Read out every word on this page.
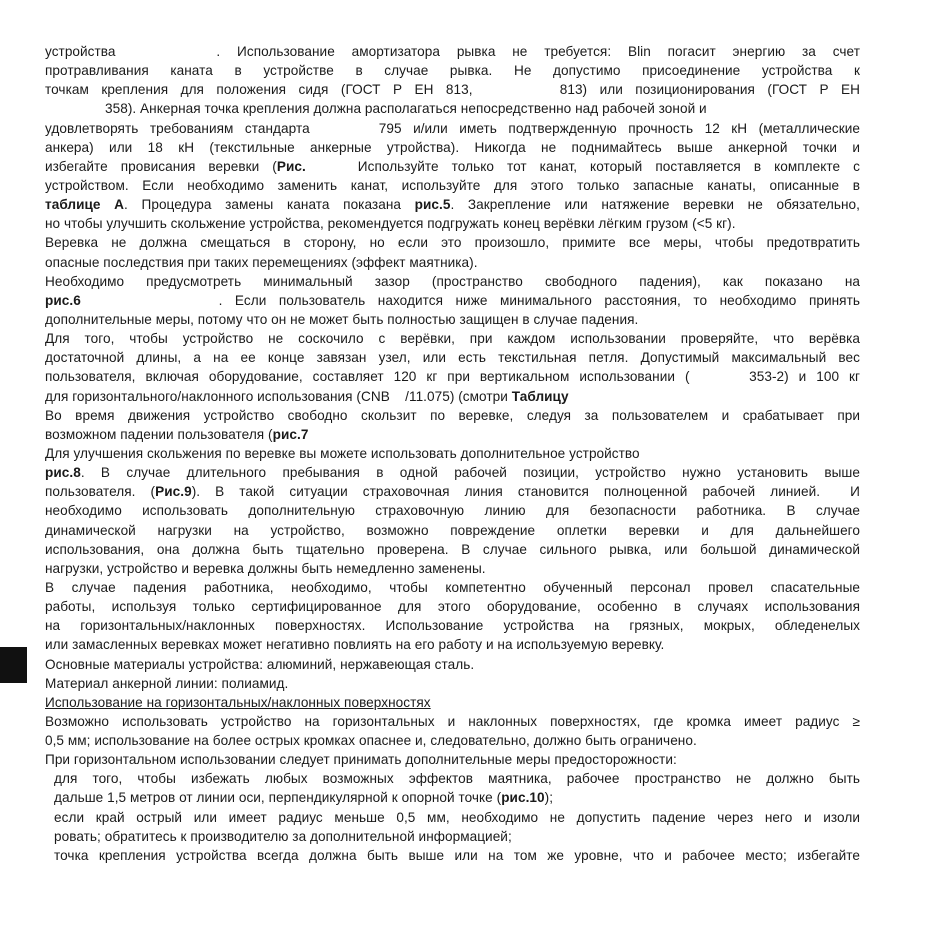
устройства      . Использование амортизатора рывка не требуется: Blin погасит энергию за счет
протравливания каната в устройстве в случае рывка. Не допустимо присоединение устройства к
точкам крепления для положения сидя (ГОСТ Р ЕН 813,       813) или позиционирования (ГОСТ Р ЕН
358). Анкерная точка крепления должна располагаться непосредственно над рабочей зоной и
удовлетворять требованиям стандарта      795 и/или иметь подтвержденную прочность 12 кН (металлические
анкера) или 18 кН (текстильные анкерные утройства). Никогда не поднимайтесь выше анкерной точки и
избегайте провисания веревки (Рис.    Используйте только тот канат, который поставляется в комплекте с
устройством. Если необходимо заменить канат, используйте для этого только запасные канаты, описанные в
таблице А. Процедура замены каната показана рис.5. Закрепление или натяжение веревки не обязательно,
но чтобы улучшить скольжение устройства, рекомендуется подгружать конец верёвки лёгким грузом (<5 кг).
Веревка не должна смещаться в сторону, но если это произошло, примите все меры, чтобы предотвратить
опасные последствия при таких перемещениях (эффект маятника).
Необходимо предусмотреть минимальный зазор (пространство свободного падения), как показано на
рис.6           . Если пользователь находится ниже минимального расстояния, то необходимо принять
дополнительные меры, потому что он не может быть полностью защищен в случае падения.
Для того, чтобы устройство не соскочило с верёвки, при каждом использовании проверяйте, что верёвка
достаточной длины, а на ее конце завязан узел, или есть текстильная петля. Допустимый максимальный вес
пользователя, включая оборудование, составляет 120 кг при вертикальном использовании (      353-2) и 100 кг
для горизонтального/наклонного использования (CNB    /11.075) (смотри Таблицу
Во время движения устройство свободно скользит по веревке, следуя за пользователем и срабатывает при
возможном падении пользователя (рис.7
Для улучшения скольжения по веревке вы можете использовать дополнительное устройство
рис.8. В случае длительного пребывания в одной рабочей позиции, устройство нужно установить выше
пользователя. (Рис.9). В такой ситуации страховочная линия становится полноценной рабочей линией.  И
необходимо использовать дополнительную страховочную линию для безопасности работника. В случае
динамической нагрузки на устройство, возможно повреждение оплетки веревки и для дальнейшего
использования, она должна быть тщательно проверена. В случае сильного рывка, или большой динамической
нагрузки, устройство и веревка должны быть немедленно заменены.
В случае падения работника, необходимо, чтобы компетентно обученный персонал провел спасательные
работы, используя только сертифицированное для этого оборудование, особенно в случаях использования
на горизонтальных/наклонных поверхностях. Использование устройства на грязных, мокрых, обледенелых
или замасленных веревках может негативно повлиять на его работу и на используемую веревку.
Основные материалы устройства: алюминий, нержавеющая сталь.
Материал анкерной линии: полиамид.
Использование на горизонтальных/наклонных поверхностях
Возможно использовать устройство на горизонтальных и наклонных поверхностях, где кромка имеет радиус ≥
0,5 мм; использование на более острых кромках опаснее и, следовательно, должно быть ограничено.
При горизонтальном использовании следует принимать дополнительные меры предосторожности:
для того, чтобы избежать любых возможных эффектов маятника, рабочее пространство не должно быть
дальше 1,5 метров от линии оси, перпендикулярной к опорной точке (рис.10);
если край острый или имеет радиус меньше 0,5 мм, необходимо не допустить падение через него и изоли
ровать; обратитесь к производителю за дополнительной информацией;
точка крепления устройства всегда должна быть выше или на том же уровне, что и рабочее место; избегайте
